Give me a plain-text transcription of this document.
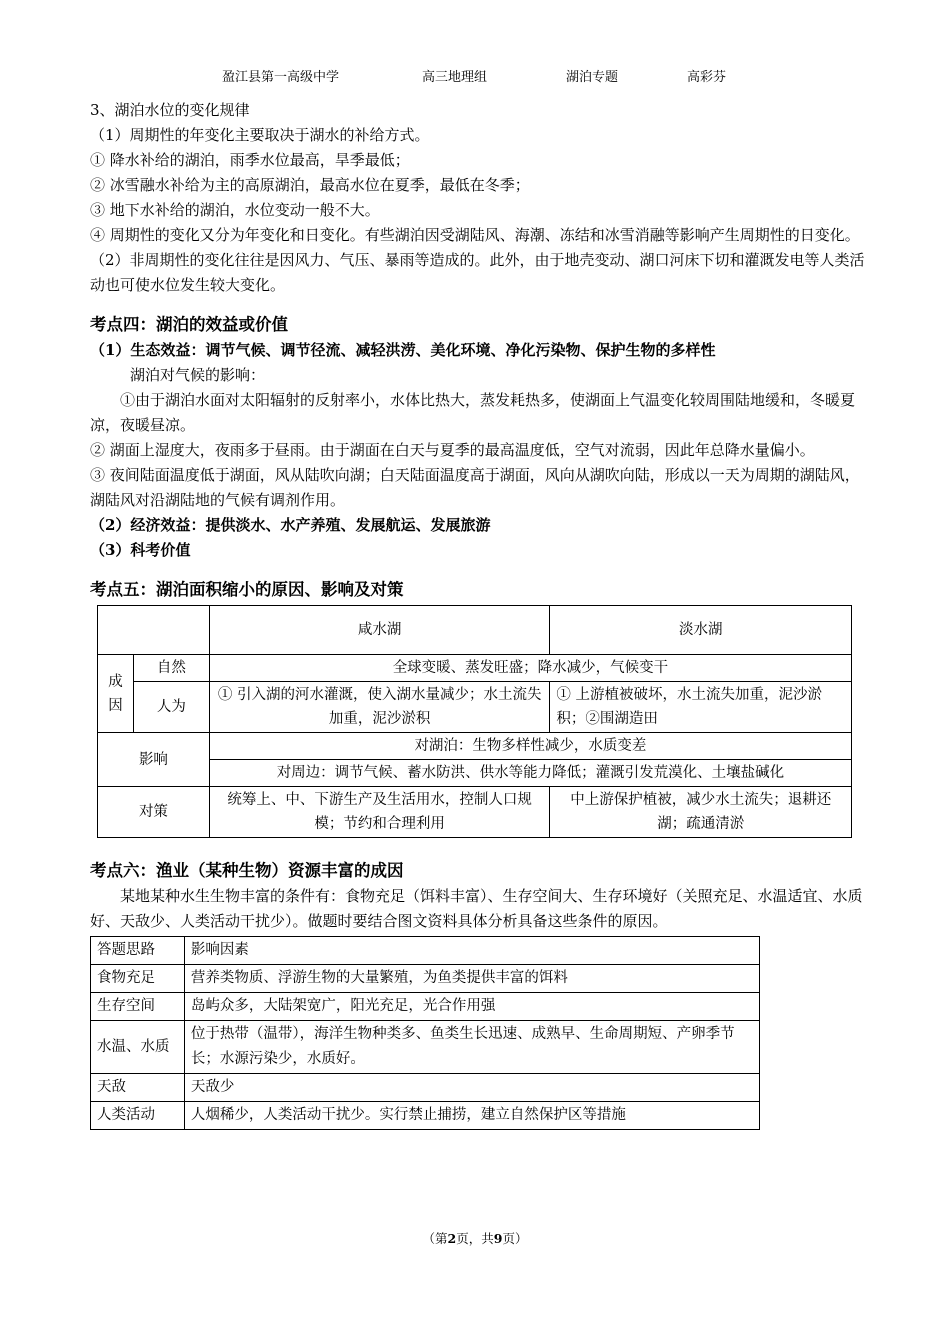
盈江县第一高级中学	高三地理组	湖泊专题	高彩芬

3、湖泊水位的变化规律

（1）周期性的年变化主要取决于湖水的补给方式。

① 降水补给的湖泊，雨季水位最高，旱季最低；

② 冰雪融水补给为主的高原湖泊，最高水位在夏季，最低在冬季；

③ 地下水补给的湖泊，水位变动一般不大。

④ 周期性的变化又分为年变化和日变化。有些湖泊因受湖陆风、海潮、冻结和冰雪消融等影响产生周期性的日变化。

（2）非周期性的变化往往是因风力、气压、暴雨等造成的。此外，由于地壳变动、湖口河床下切和灌溉发电等人类活动也可使水位发生较大变化。

考点四：湖泊的效益或价值

（1）生态效益：调节气候、调节径流、减轻洪涝、美化环境、净化污染物、保护生物的多样性

湖泊对气候的影响：

①由于湖泊水面对太阳辐射的反射率小，水体比热大，蒸发耗热多，使湖面上气温变化较周围陆地缓和，冬暖夏凉，夜暖昼凉。

② 湖面上湿度大，夜雨多于昼雨。由于湖面在白天与夏季的最高温度低，空气对流弱，因此年总降水量偏小。

③ 夜间陆面温度低于湖面，风从陆吹向湖；白天陆面温度高于湖面，风向从湖吹向陆，形成以一天为周期的湖陆风，湖陆风对沿湖陆地的气候有调剂作用。

（2）经济效益：提供淡水、水产养殖、发展航运、发展旅游

（3）科考价值

考点五：湖泊面积缩小的原因、影响及对策

		咸水湖	淡水湖
成因	自然	全球变暖、蒸发旺盛；降水减少，气候变干	
	人为	① 引入湖的河水灌溉，使入湖水量减少；水土流失加重，泥沙淤积	① 上游植被破坏，水土流失加重，泥沙淤积；②围湖造田
影响		对湖泊：生物多样性减少，水质变差	
		对周边：调节气候、蓄水防洪、供水等能力降低；灌溉引发荒漠化、土壤盐碱化	
对策		统筹上、中、下游生产及生活用水，控制人口规模；节约和合理利用	中上游保护植被，减少水土流失；退耕还湖；疏通清淤

考点六：渔业（某种生物）资源丰富的成因

某地某种水生生物丰富的条件有：食物充足（饵料丰富）、生存空间大、生存环境好（关照充足、水温适宜、水质好、天敌少、人类活动干扰少）。做题时要结合图文资料具体分析具备这些条件的原因。

答题思路	影响因素
食物充足	营养类物质、浮游生物的大量繁殖，为鱼类提供丰富的饵料
生存空间	岛屿众多，大陆架宽广，阳光充足，光合作用强
水温、水质	位于热带（温带），海洋生物种类多、鱼类生长迅速、成熟早、生命周期短、产卵季节长；水源污染少，水质好。
天敌	天敌少
人类活动	人烟稀少，人类活动干扰少。实行禁止捕捞，建立自然保护区等措施
（第2页，共9页）
